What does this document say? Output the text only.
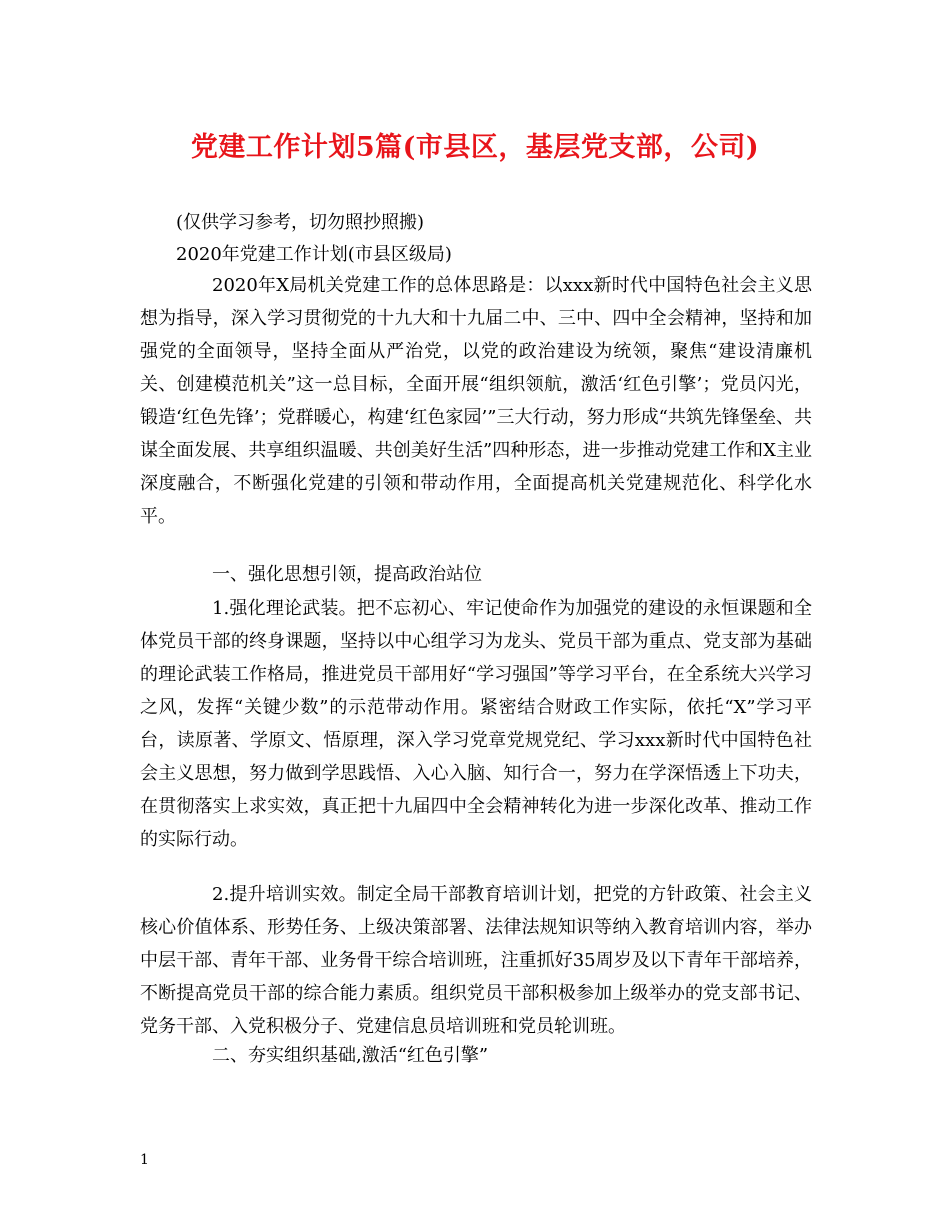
党建工作计划5篇(市县区，基层党支部，公司)
(仅供学习参考，切勿照抄照搬)
2020年党建工作计划(市县区级局)
2020年X局机关党建工作的总体思路是：以xxx新时代中国特色社会主义思想为指导，深入学习贯彻党的十九大和十九届二中、三中、四中全会精神，坚持和加强党的全面领导，坚持全面从严治党，以党的政治建设为统领，聚焦“建设清廉机关、创建模范机关”这一总目标，全面开展“组织领航，激活‘红色引擎’；党员闪光，锻造‘红色先锋’；党群暖心，构建‘红色家园’”三大行动，努力形成“共筑先锋堡垒、共谋全面发展、共享组织温暖、共创美好生活”四种形态，进一步推动党建工作和X主业深度融合，不断强化党建的引领和带动作用，全面提高机关党建规范化、科学化水平。
一、强化思想引领，提高政治站位
1.强化理论武装。把不忘初心、牢记使命作为加强党的建设的永恒课题和全体党员干部的终身课题，坚持以中心组学习为龙头、党员干部为重点、党支部为基础的理论武装工作格局，推进党员干部用好“学习强国”等学习平台，在全系统大兴学习之风，发挥“关键少数”的示范带动作用。紧密结合财政工作实际，依托“X”学习平台，读原著、学原文、悟原理，深入学习党章党规党纪、学习xxx新时代中国特色社会主义思想，努力做到学思践悟、入心入脑、知行合一，努力在学深悟透上下功夫，在贯彻落实上求实效，真正把十九届四中全会精神转化为进一步深化改革、推动工作的实际行动。
2.提升培训实效。制定全局干部教育培训计划，把党的方针政策、社会主义核心价值体系、形势任务、上级决策部署、法律法规知识等纳入教育培训内容，举办中层干部、青年干部、业务骨干综合培训班，注重抓好35周岁及以下青年干部培养，不断提高党员干部的综合能力素质。组织党员干部积极参加上级举办的党支部书记、党务干部、入党积极分子、党建信息员培训班和党员轮训班。
二、夯实组织基础,激活“红色引擎”
1
